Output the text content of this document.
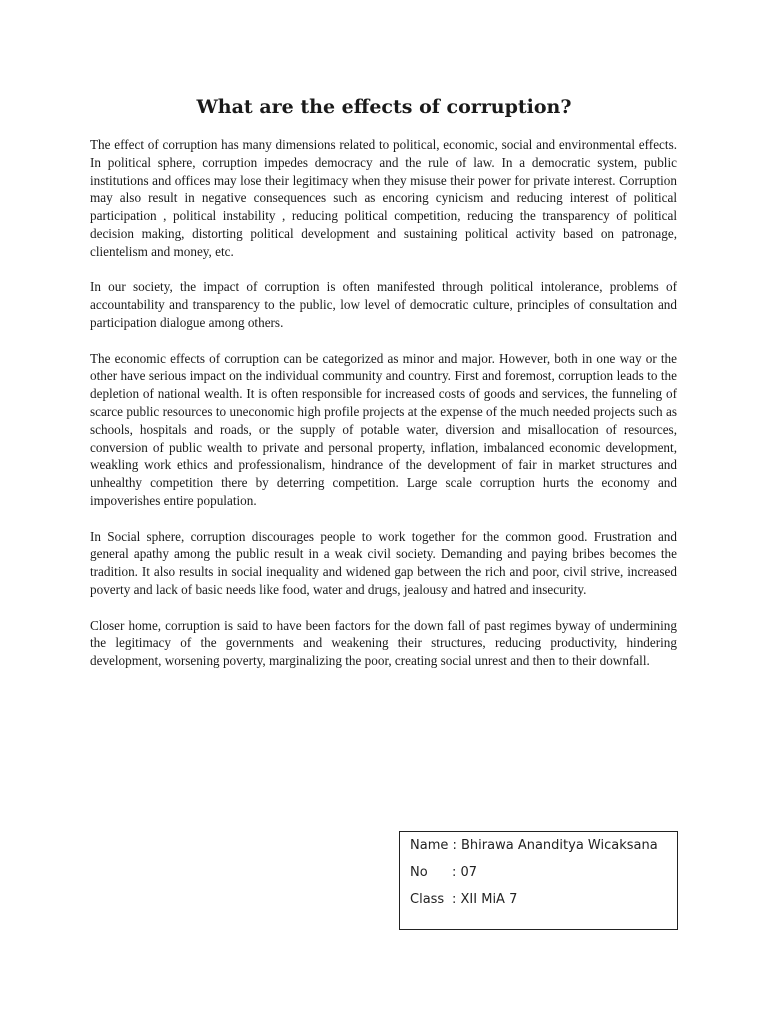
What are the effects of corruption?

The effect of corruption has many dimensions related to political, economic, social and environmental effects. In political sphere, corruption impedes democracy and the rule of law. In a democratic system, public institutions and offices may lose their legitimacy when they misuse their power for private interest. Corruption may also result in negative consequences such as encoring cynicism and reducing interest of political participation , political instability , reducing political competition, reducing the transparency of political decision making, distorting political development and sustaining political activity based on patronage, clientelism and money, etc.

In our society, the impact of corruption is often manifested through political intolerance, problems of accountability and transparency to the public, low level of democratic culture, principles of consultation and participation dialogue among others.

The economic effects of corruption can be categorized as minor and major. However, both in one way or the other have serious impact on the individual community and country. First and foremost, corruption leads to the depletion of national wealth. It is often responsible for increased costs of goods and services, the funneling of scarce public resources to uneconomic high profile projects at the expense of the much needed projects such as schools, hospitals and roads, or the supply of potable water, diversion and misallocation of resources, conversion of public wealth to private and personal property, inflation, imbalanced economic development, weakling work ethics and professionalism, hindrance of the development of fair in market structures and unhealthy competition there by deterring competition. Large scale corruption hurts the economy and impoverishes entire population.

In Social sphere, corruption discourages people to work together for the common good. Frustration and general apathy among the public result in a weak civil society. Demanding and paying bribes becomes the tradition. It also results in social inequality and widened gap between the rich and poor, civil strive, increased poverty and lack of basic needs like food, water and drugs, jealousy and hatred and insecurity.

Closer home, corruption is said to have been factors for the down fall of past regimes byway of undermining the legitimacy of the governments and weakening their structures, reducing productivity, hindering development, worsening poverty, marginalizing the poor, creating social unrest and then to their downfall.

Name : Bhirawa Ananditya Wicaksana
No	: 07
Class : XII MiA 7
